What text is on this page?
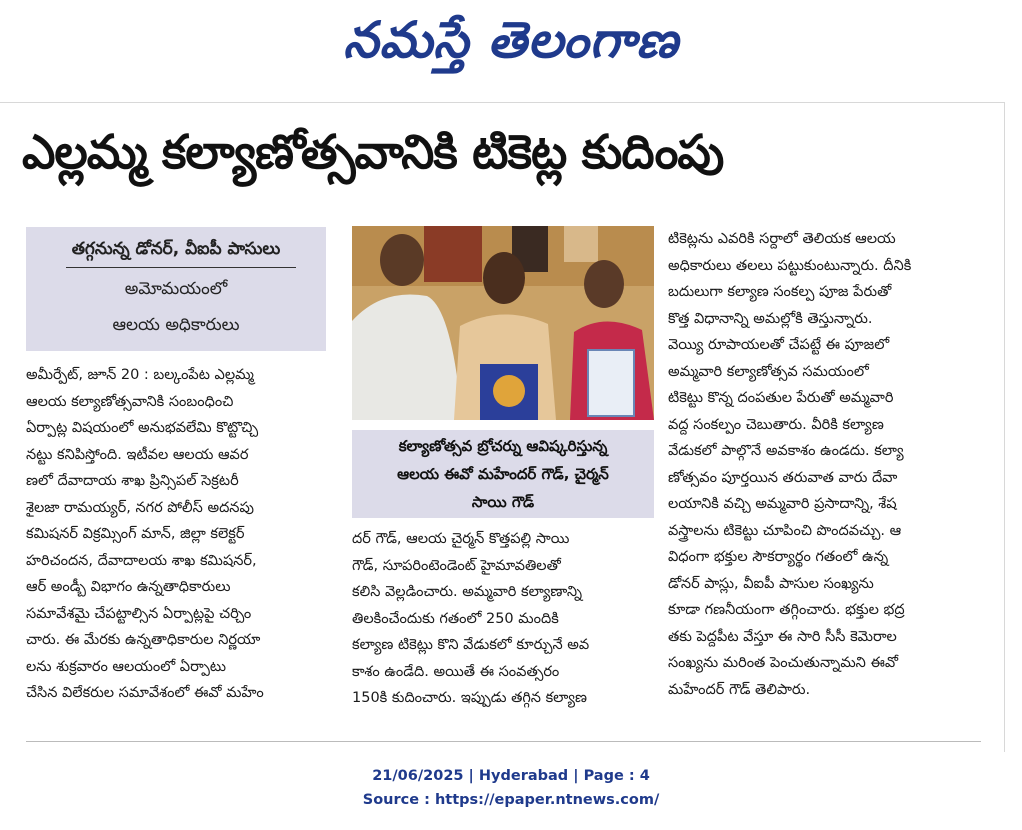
నమస్తే తెలంగాణ
ఎల్లమ్మ కల్యాణోత్సవానికి టికెట్ల కుదింపు
తగ్గనున్న డోనర్, వీఐపీ పాసులు
అమోమయంలో
ఆలయ అధికారులు
అమీర్పేట్, జూన్ 20 : బల్కంపేట ఎల్లమ్మ
ఆలయ కల్యాణోత్సవానికి సంబంధించి
ఏర్పాట్ల విషయంలో అనుభవలేమి కొట్టొచ్చి
నట్టు కనిపిస్తోంది. ఇటీవల ఆలయ ఆవర
ణలో దేవాదాయ శాఖ ప్రిన్సిపల్ సెక్రటరీ
శైలజా రామయ్యర్, నగర పోలీస్ అదనపు
కమిషనర్ విక్రమ్సింగ్ మాన్, జిల్లా కలెక్టర్
హరిచందన, దేవాదాలయ శాఖ కమిషనర్,
ఆర్ అండ్బీ విభాగం ఉన్నతాధికారులు
సమావేశమై చేపట్టాల్సిన ఏర్పాట్లపై చర్చిం
చారు. ఈ మేరకు ఉన్నతాధికారుల నిర్ణయా
లను శుక్రవారం ఆలయంలో ఏర్పాటు
చేసిన విలేకరుల సమావేశంలో ఈవో మహేం
కల్యాణోత్సవ బ్రోచర్ను ఆవిష్కరిస్తున్న
ఆలయ ఈవో మహేందర్ గౌడ్, చైర్మన్
సాయి గౌడ్
దర్ గౌడ్, ఆలయ చైర్మన్ కొత్తపల్లి సాయి
గౌడ్, సూపరింటెండెంట్ హైమావతిలతో
కలిసి వెల్లడించారు. అమ్మవారి కల్యాణాన్ని
తిలకించేందుకు గతంలో 250 మందికి
కల్యాణ టికెట్లు కొని వేడుకలో కూర్చునే అవ
కాశం ఉండేది. అయితే ఈ సంవత్సరం
150కి కుదించారు. ఇప్పుడు తగ్గిన కల్యాణ
టికెట్లను ఎవరికి సర్దాలో తెలియక ఆలయ
అధికారులు తలలు పట్టుకుంటున్నారు. దీనికి
బదులుగా కల్యాణ సంకల్ప పూజ పేరుతో
కొత్త విధానాన్ని అమల్లోకి తెస్తున్నారు.
వెయ్యి రూపాయలతో చేపట్టే ఈ పూజలో
అమ్మవారి కల్యాణోత్సవ సమయంలో
టికెట్టు కొన్న దంపతుల పేరుతో అమ్మవారి
వద్ద సంకల్పం చెబుతారు. వీరికి కల్యాణ
వేడుకలో పాల్గొనే అవకాశం ఉండదు. కల్యా
ణోత్సవం పూర్తయిన తరువాత వారు దేవా
లయానికి వచ్చి అమ్మవారి ప్రసాదాన్ని, శేష
వస్త్రాలను టికెట్టు చూపించి పొందవచ్చు. ఆ
విధంగా భక్తుల సౌకర్యార్థం గతంలో ఉన్న
డోనర్ పాస్లు, వీఐపీ పాసుల సంఖ్యను
కూడా గణనీయంగా తగ్గించారు. భక్తుల భద్ర
తకు పెద్దపీట వేస్తూ ఈ సారి సీసీ కెమెరాల
సంఖ్యను మరింత పెంచుతున్నామని ఈవో
మహేందర్ గౌడ్ తెలిపారు.
21/06/2025 | Hyderabad | Page : 4
Source : https://epaper.ntnews.com/
